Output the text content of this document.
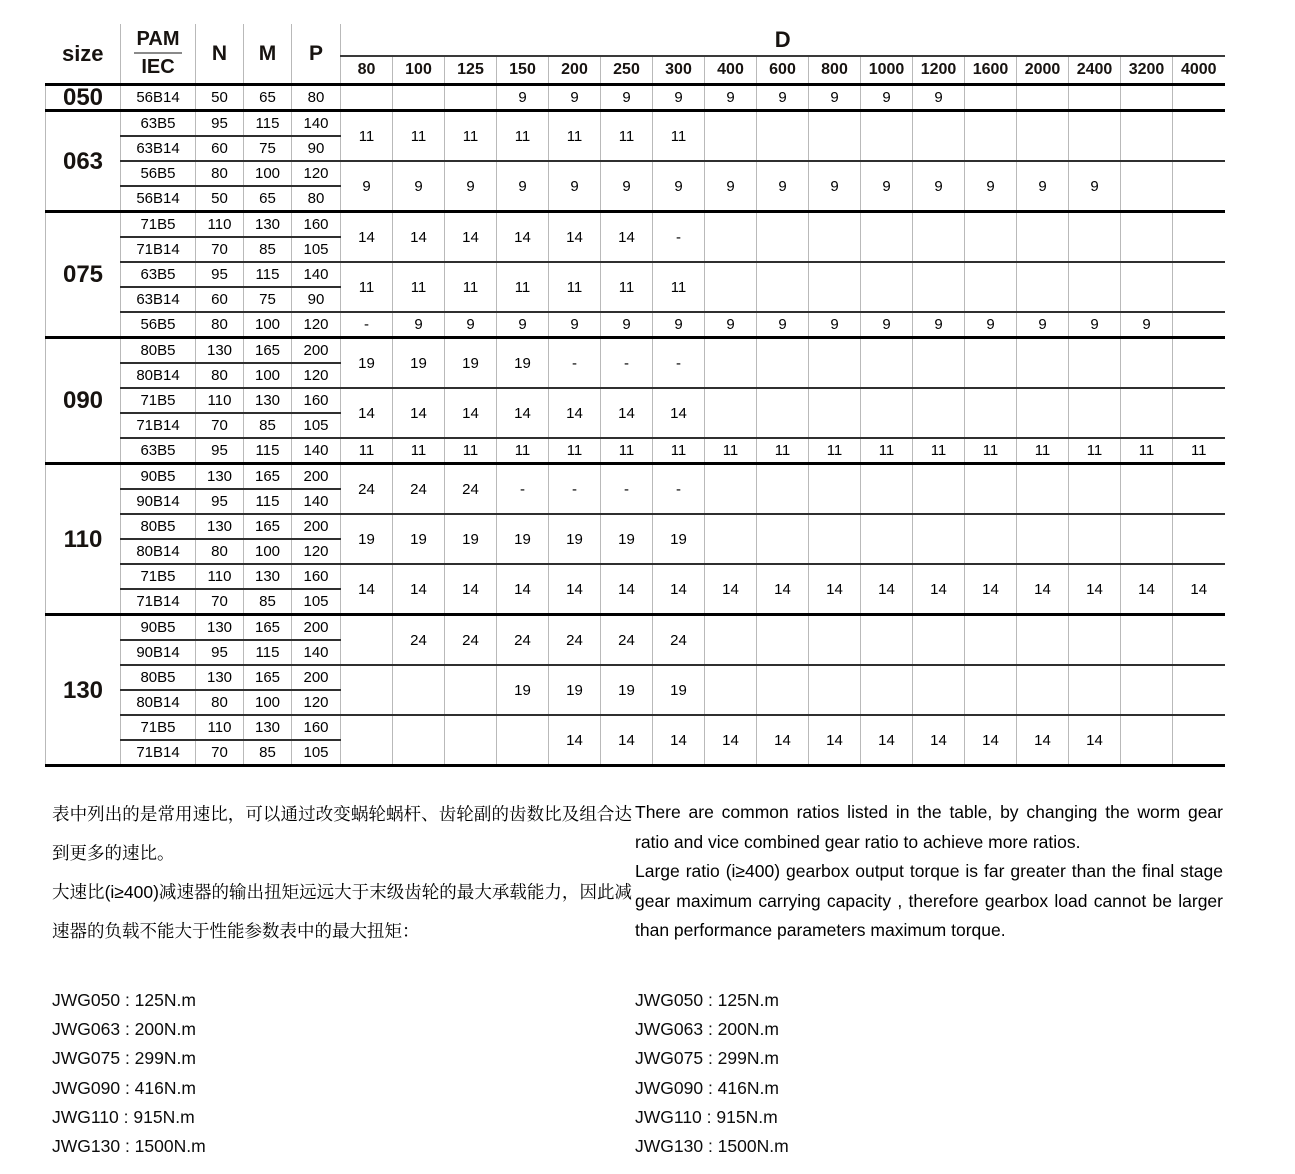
size	PAM
IEC	N	M	P	D																
					80	100	125	150	200	250	300	400	600	800	1000	1200	1600	2000	2400	3200	4000
050	56B14	50	65	80				9	9	9	9	9	9	9	9	9					
063	63B5	95	115	140	11	11	11	11	11	11	11										
	63B14	60	75	90																	
	56B5	80	100	120	9	9	9	9	9	9	9	9	9	9	9	9	9	9	9		
	56B14	50	65	80																	
075	71B5	110	130	160	14	14	14	14	14	14	-										
	71B14	70	85	105																	
	63B5	95	115	140	11	11	11	11	11	11	11										
	63B14	60	75	90																	
	56B5	80	100	120	-	9	9	9	9	9	9	9	9	9	9	9	9	9	9	9	
090	80B5	130	165	200	19	19	19	19	-	-	-										
	80B14	80	100	120																	
	71B5	110	130	160	14	14	14	14	14	14	14										
	71B14	70	85	105																	
	63B5	95	115	140	11	11	11	11	11	11	11	11	11	11	11	11	11	11	11	11	11
110	90B5	130	165	200	24	24	24	-	-	-	-										
	90B14	95	115	140																	
	80B5	130	165	200	19	19	19	19	19	19	19										
	80B14	80	100	120																	
	71B5	110	130	160	14	14	14	14	14	14	14	14	14	14	14	14	14	14	14	14	14
	71B14	70	85	105																	
130	90B5	130	165	200		24	24	24	24	24	24										
	90B14	95	115	140																	
	80B5	130	165	200				19	19	19	19										
	80B14	80	100	120																	
	71B5	110	130	160					14	14	14	14	14	14	14	14	14	14	14		
	71B14	70	85	105																	

表中列出的是常用速比，可以通过改变蜗轮蜗杆、齿轮副的齿数比及组合达到更多的速比。

大速比(i≥400)减速器的输出扭矩远远大于末级齿轮的最大承载能力，因此减速器的负载不能大于性能参数表中的最大扭矩：

There are common ratios listed in the table, by changing the worm gear ratio and vice combined gear ratio to achieve more ratios.

Large ratio (i≥400) gearbox output torque is far greater than the final stage gear maximum carrying capacity , therefore gearbox load cannot be larger than performance parameters maximum torque.

JWG050 : 125N.m
JWG063 : 200N.m
JWG075 : 299N.m
JWG090 : 416N.m
JWG110 : 915N.m
JWG130 : 1500N.m
JWG050 : 125N.m
JWG063 : 200N.m
JWG075 : 299N.m
JWG090 : 416N.m
JWG110 : 915N.m
JWG130 : 1500N.m
